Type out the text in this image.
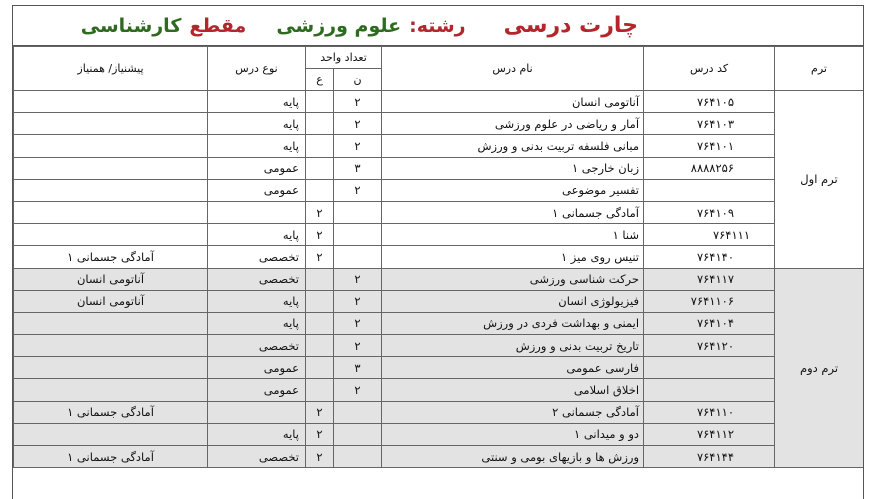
چارت درسی
رشته:
علوم ورزشی
مقطع
کارشناسی
ترم	کد درس	نام درس	تعداد واحد		نوع درس	پیشنیاز/ همنیاز
			ن	ع		
ترم اول	۷۶۴۱۰۵	آناتومی انسان	۲		پایه	
	۷۶۴۱۰۳	آمار و ریاضی در علوم ورزشی	۲		پایه	
	۷۶۴۱۰۱	مبانی فلسفه تربیت بدنی و ورزش	۲		پایه	
	۸۸۸۸۲۵۶	زبان خارجی ۱	۳		عمومی	
		تفسیر موضوعی	۲		عمومی	
	۷۶۴۱۰۹	آمادگی جسمانی ۱		۲		
	۷۶۴۱۱۱	شنا ۱		۲	پایه	
	۷۶۴۱۴۰	تنیس روی میز ۱		۲	تخصصی	آمادگی جسمانی ۱
ترم دوم	۷۶۴۱۱۷	حرکت شناسی ورزشی	۲		تخصصی	آناتومی انسان
	۷۶۴۱۱۰۶	فیزیولوژی انسان	۲		پایه	آناتومی انسان
	۷۶۴۱۰۴	ایمنی و بهداشت فردی در ورزش	۲		پایه	
	۷۶۴۱۲۰	تاریخ تربیت بدنی و ورزش	۲		تخصصی	
		فارسی عمومی	۳		عمومی	
		اخلاق اسلامی	۲		عمومی	
	۷۶۴۱۱۰	آمادگی جسمانی ۲		۲		آمادگی جسمانی ۱
	۷۶۴۱۱۲	دو و میدانی ۱		۲	پایه	
	۷۶۴۱۴۴	ورزش ها و بازیهای بومی و سنتی		۲	تخصصی	آمادگی جسمانی ۱
